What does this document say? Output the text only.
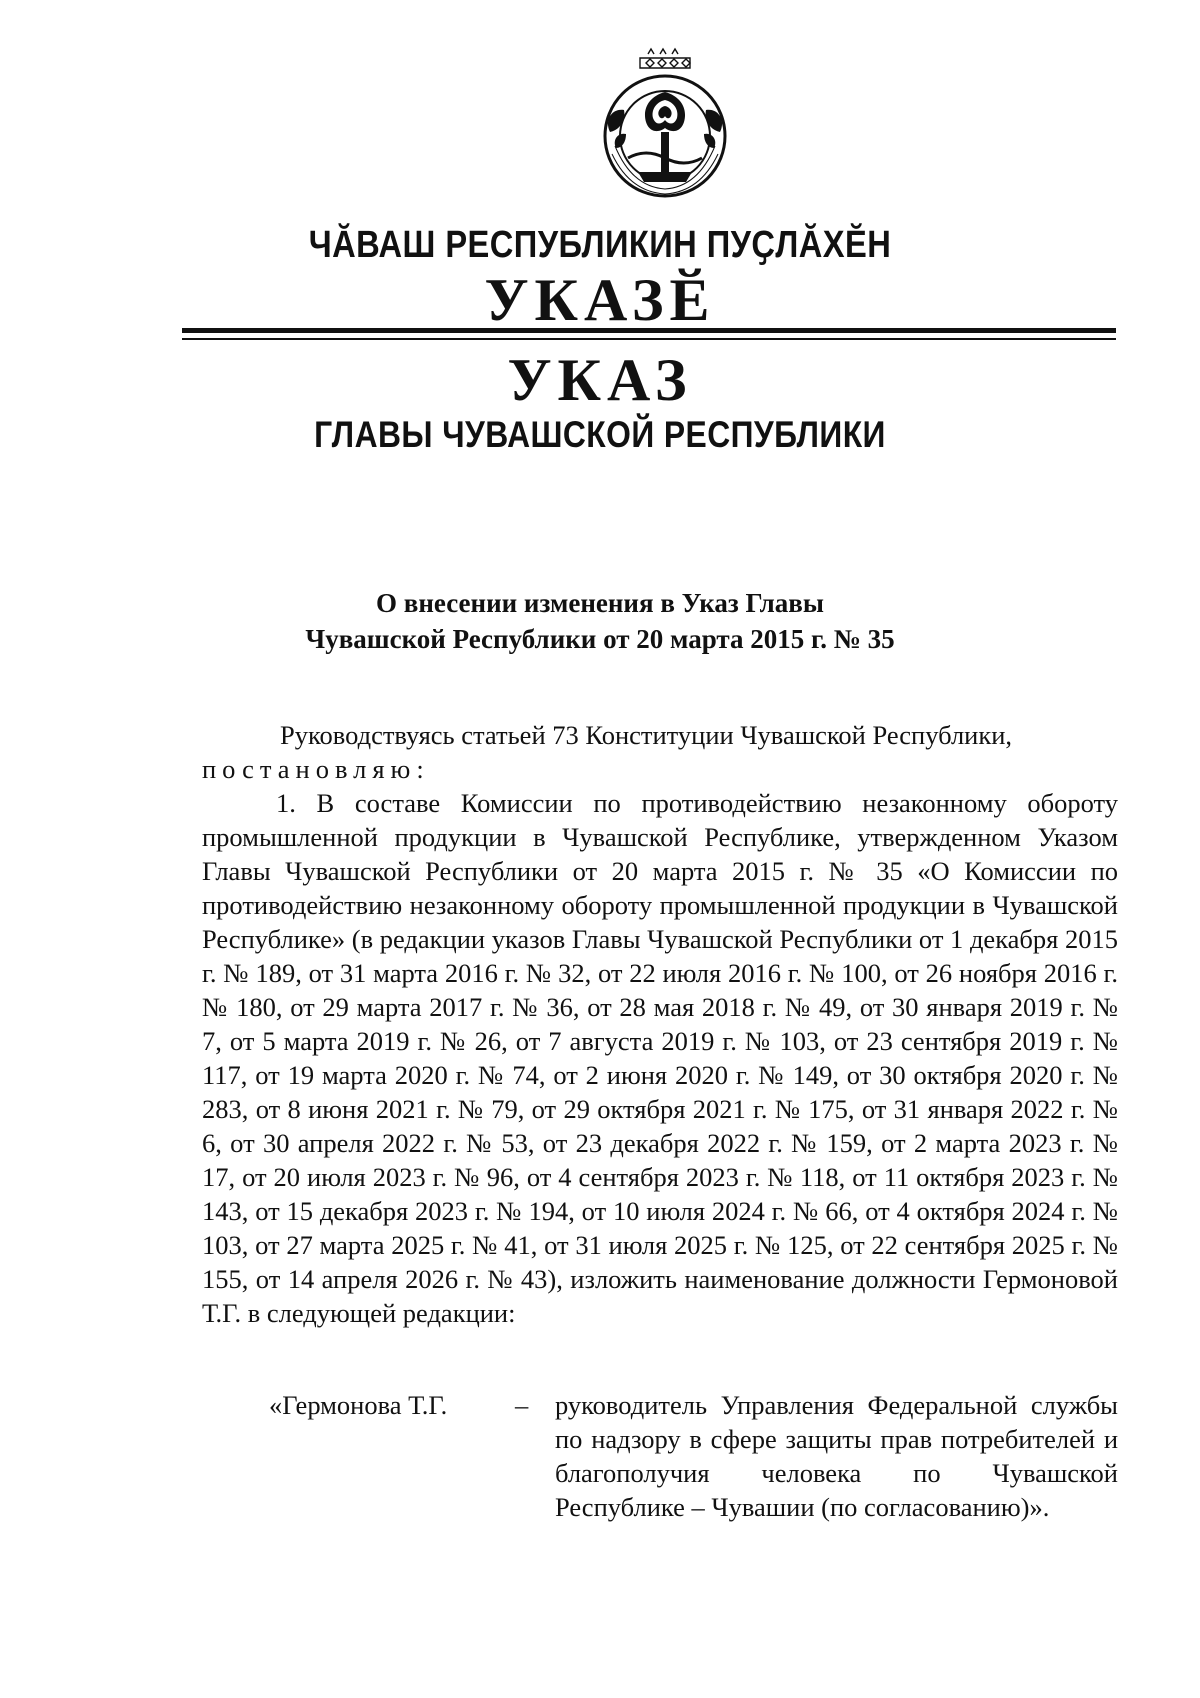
ЧӐВАШ РЕСПУБЛИКИН ПУҪЛӐХӖН
УКАЗӖ
УКАЗ
ГЛАВЫ ЧУВАШСКОЙ РЕСПУБЛИКИ
О внесении изменения в Указ Главы
Чувашской Республики от 20 марта 2015 г. № 35
Руководствуясь статьей 73 Конституции Чувашской Республики,
постановляю:
1. В составе Комиссии по противодействию незаконному обороту промышленной продукции в Чувашской Республике, утвержденном Указом Главы Чувашской Республики от 20 марта 2015 г. № 35 «О Комиссии по противодействию незаконному обороту промышленной продукции в Чувашской Республике» (в редакции указов Главы Чувашской Республики от 1 декабря 2015 г. № 189, от 31 марта 2016 г. № 32, от 22 июля 2016 г. № 100, от 26 ноября 2016 г. № 180, от 29 марта 2017 г. № 36, от 28 мая 2018 г. № 49, от 30 января 2019 г. № 7, от 5 марта 2019 г. № 26, от 7 августа 2019 г. № 103, от 23 сентября 2019 г. № 117, от 19 марта 2020 г. № 74, от 2 июня 2020 г. № 149, от 30 октября 2020 г. № 283, от 8 июня 2021 г. № 79, от 29 октября 2021 г. № 175, от 31 января 2022 г. № 6, от 30 апреля 2022 г. № 53, от 23 декабря 2022 г. № 159, от 2 марта 2023 г. № 17, от 20 июля 2023 г. № 96, от 4 сентября 2023 г. № 118, от 11 октября 2023 г. № 143, от 15 декабря 2023 г. № 194, от 10 июля 2024 г. № 66, от 4 октября 2024 г. № 103, от 27 марта 2025 г. № 41, от 31 июля 2025 г. № 125, от 22 сентября 2025 г. № 155, от 14 апреля 2026 г. № 43), изложить наименование должности Гермоновой Т.Г. в следующей редакции:
«Гермонова Т.Г.	– руководитель Управления Федеральной службы по надзору в сфере защиты прав потребителей и благополучия человека по Чувашской Республике – Чувашии (по согласованию)».
